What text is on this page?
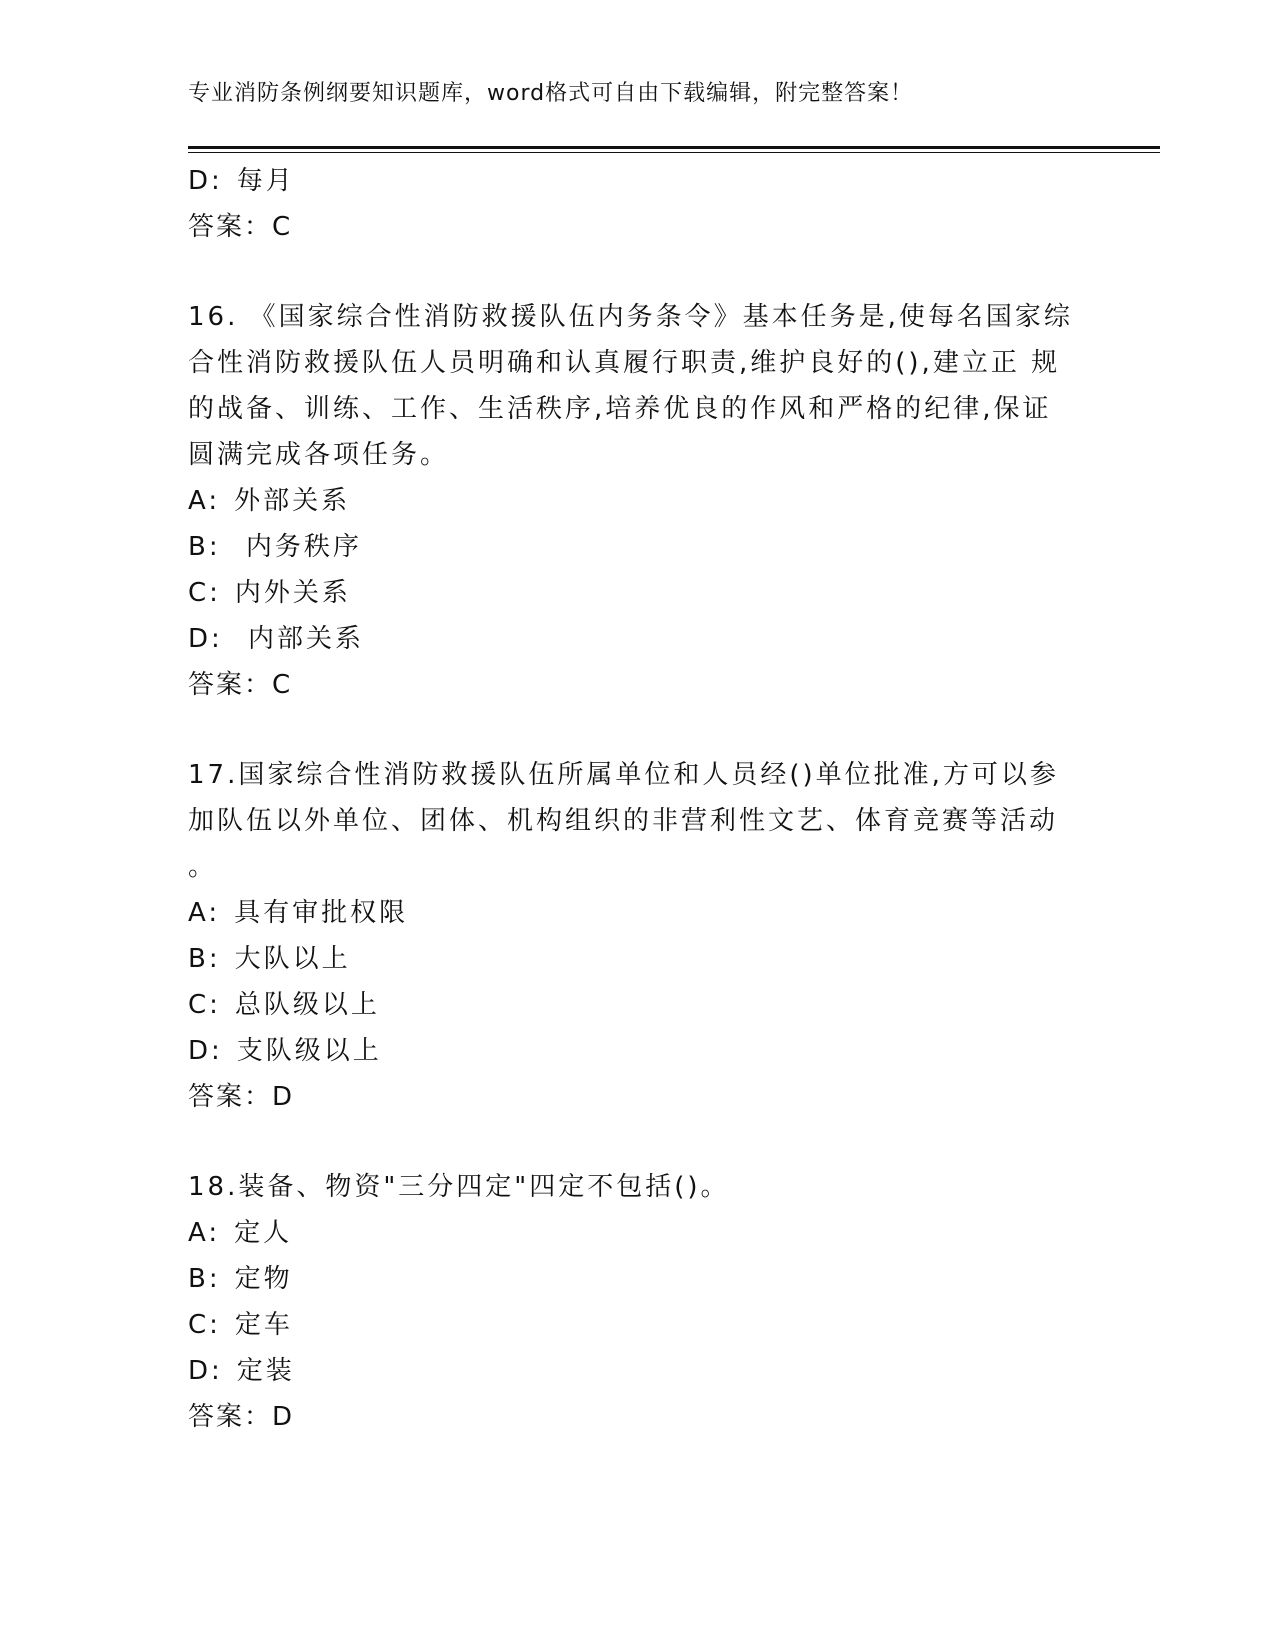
专业消防条例纲要知识题库，word格式可自由下载编辑，附完整答案！
D: 每月
答案：C
16. 《国家综合性消防救援队伍内务条令》基本任务是,使每名国家综
合性消防救援队伍人员明确和认真履行职责,维护良好的(),建立正 规
的战备、训练、工作、生活秩序,培养优良的作风和严格的纪律,保证
圆满完成各项任务。
A: 外部关系
B: 内务秩序
C: 内外关系
D: 内部关系
答案：C
17.国家综合性消防救援队伍所属单位和人员经()单位批准,方可以参
加队伍以外单位、团体、机构组织的非营利性文艺、体育竞赛等活动
。
A: 具有审批权限
B: 大队以上
C: 总队级以上
D: 支队级以上
答案：D
18.装备、物资"三分四定"四定不包括()。
A: 定人
B: 定物
C: 定车
D: 定装
答案：D
